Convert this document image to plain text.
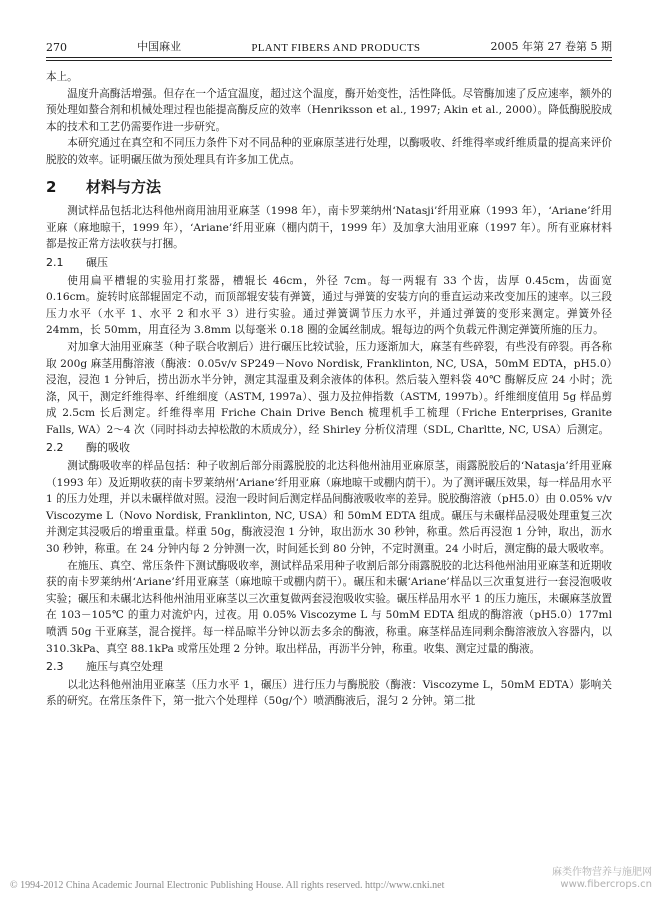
270	中国麻业	PLANT FIBERS AND PRODUCTS	2005 年第 27 卷第 5 期

本上。

温度升高酶活增强。但存在一个适宜温度，超过这个温度，酶开始变性，活性降低。尽管酶加速了反应速率，额外的预处理如螯合剂和机械处理过程也能提高酶反应的效率（Henriksson et al., 1997; Akin et al., 2000）。降低酶脱胶成本的技术和工艺仍需要作进一步研究。

本研究通过在真空和不同压力条件下对不同品种的亚麻原茎进行处理，以酶吸收、纤维得率或纤维质量的提高来评价脱胶的效率。证明碾压做为预处理具有许多加工优点。

2 材料与方法

测试样品包括北达科他州商用油用亚麻茎（1998 年），南卡罗莱纳州‘Natasji’纤用亚麻（1993 年），‘Ariane’纤用亚麻（麻地晾干，1999 年），‘Ariane’纤用亚麻（棚内荫干，1999 年）及加拿大油用亚麻（1997 年）。所有亚麻材料都是按正常方法收获与打捆。

2.1 碾压

使用扁平槽辊的实验用打浆器，槽辊长 46cm，外径 7cm。每一两辊有 33 个齿，齿厚 0.45cm，齿面宽 0.16cm。旋转时底部辊固定不动，而顶部辊安装有弹簧，通过与弹簧的安装方向的垂直运动来改变加压的速率。以三段压力水平（水平 1、水平 2 和水平 3）进行实验。通过弹簧调节压力水平，并通过弹簧的变形来测定。弹簧外径 24mm，长 50mm，用直径为 3.8mm 以每毫米 0.18 圈的金属丝制成。辊每边的两个负载元件测定弹簧所施的压力。

对加拿大油用亚麻茎（种子联合收割后）进行碾压比较试验，压力逐渐加大，麻茎有些碎裂，有些没有碎裂。再各称取 200g 麻茎用酶溶液（酶液：0.05v/v SP249－Novo Nordisk, Franklinton, NC, USA，50mM EDTA，pH5.0）浸泡，浸泡 1 分钟后，捞出沥水半分钟，测定其湿重及剩余液体的体积。然后装入塑料袋 40℃ 酶解反应 24 小时；洗涤，风干，测定纤维得率、纤维细度（ASTM, 1997a）、强力及拉伸指数（ASTM, 1997b）。纤维细度值用 5g 样品剪成 2.5cm 长后测定。纤维得率用 Friche Chain Drive Bench 梳理机手工梳理（Friche Enterprises, Granite Falls, WA）2～4 次（同时抖动去掉松散的木质成分），经 Shirley 分析仪清理（SDL, Charltte, NC, USA）后测定。

2.2 酶的吸收

测试酶吸收率的样品包括：种子收割后部分雨露脱胶的北达科他州油用亚麻原茎，雨露脱胶后的‘Natasja’纤用亚麻（1993 年）及近期收获的南卡罗莱纳州‘Ariane’纤用亚麻（麻地晾干或棚内荫干）。为了测评碾压效果，每一样品用水平 1 的压力处理，并以未碾样做对照。浸泡一段时间后测定样品间酶液吸收率的差异。脱胶酶溶液（pH5.0）由 0.05% v/v Viscozyme L（Novo Nordisk, Franklinton, NC, USA）和 50mM EDTA 组成。碾压与未碾样品浸吸处理重复三次并测定其浸吸后的增重重量。样重 50g，酶液浸泡 1 分钟，取出沥水 30 秒钟，称重。然后再浸泡 1 分钟，取出，沥水 30 秒钟，称重。在 24 分钟内每 2 分钟测一次，时间延长到 80 分钟，不定时测重。24 小时后，测定酶的最大吸收率。

在施压、真空、常压条件下测试酶吸收率，测试样品采用种子收割后部分雨露脱胶的北达科他州油用亚麻茎和近期收获的南卡罗莱纳州‘Ariane’纤用亚麻茎（麻地晾干或棚内荫干）。碾压和未碾‘Ariane’样品以三次重复进行一套浸泡吸收实验；碾压和未碾北达科他州油用亚麻茎以三次重复做两套浸泡吸收实验。碾压样品用水平 1 的压力施压，未碾麻茎放置在 103－105℃ 的重力对流炉内，过夜。用 0.05% Viscozyme L 与 50mM EDTA 组成的酶溶液（pH5.0）177ml 喷洒 50g 干亚麻茎，混合搅拌。每一样品晾半分钟以沥去多余的酶液，称重。麻茎样品连同剩余酶溶液放入容器内，以 310.3kPa、真空 88.1kPa 或常压处理 2 分钟。取出样品，再沥半分钟，称重。收集、测定过量的酶液。

2.3 施压与真空处理

以北达科他州油用亚麻茎（压力水平 1，碾压）进行压力与酶脱胶（酶液：Viscozyme L，50mM EDTA）影响关系的研究。在常压条件下，第一批六个处理样（50g/个）喷洒酶液后，混匀 2 分钟。第二批

© 1994-2012 China Academic Journal Electronic Publishing House. All rights reserved. http://www.cnki.net
麻类作物营养与施肥网
www.fibercrops.cn
